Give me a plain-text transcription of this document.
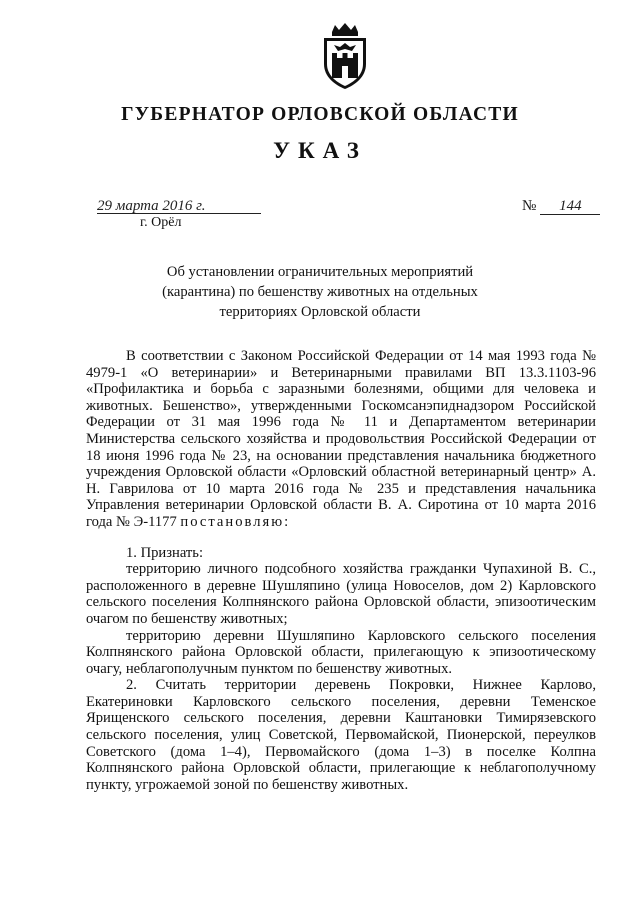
ГУБЕРНАТОР ОРЛОВСКОЙ ОБЛАСТИ
УКАЗ
29 марта 2016 г.
г. Орёл
№ 144
Об установлении ограничительных мероприятий
(карантина) по бешенству животных на отдельных
территориях Орловской области

В соответствии с Законом Российской Федерации от 14 мая 1993 года № 4979-1 «О ветеринарии» и Ветеринарными правилами ВП 13.3.1103-96 «Профилактика и борьба с заразными болезнями, общими для человека и животных. Бешенство», утвержденными Госкомсанэпиднадзором Российской Федерации от 31 мая 1996 года № 11 и Департаментом ветеринарии Министерства сельского хозяйства и продовольствия Российской Федерации от 18 июня 1996 года № 23, на основании представления начальника бюджетного учреждения Орловской области «Орловский областной ветеринарный центр» А. Н. Гаврилова от 10 марта 2016 года № 235 и представления начальника Управления ветеринарии Орловской области В. А. Сиротина от 10 марта 2016 года № Э-1177 постановляю:

1. Признать:

территорию личного подсобного хозяйства гражданки Чупахиной В. С., расположенного в деревне Шушляпино (улица Новоселов, дом 2) Карловского сельского поселения Колпнянского района Орловской области, эпизоотическим очагом по бешенству животных;

территорию деревни Шушляпино Карловского сельского поселения Колпнянского района Орловской области, прилегающую к эпизоотическому очагу, неблагополучным пунктом по бешенству животных.

2. Считать территории деревень Покровки, Нижнее Карлово, Екатериновки Карловского сельского поселения, деревни Теменское Ярищенского сельского поселения, деревни Каштановки Тимирязевского сельского поселения, улиц Советской, Первомайской, Пионерской, переулков Советского (дома 1–4), Первомайского (дома 1–3) в поселке Колпна Колпнянского района Орловской области, прилегающие к неблагополучному пункту, угрожаемой зоной по бешенству животных.
